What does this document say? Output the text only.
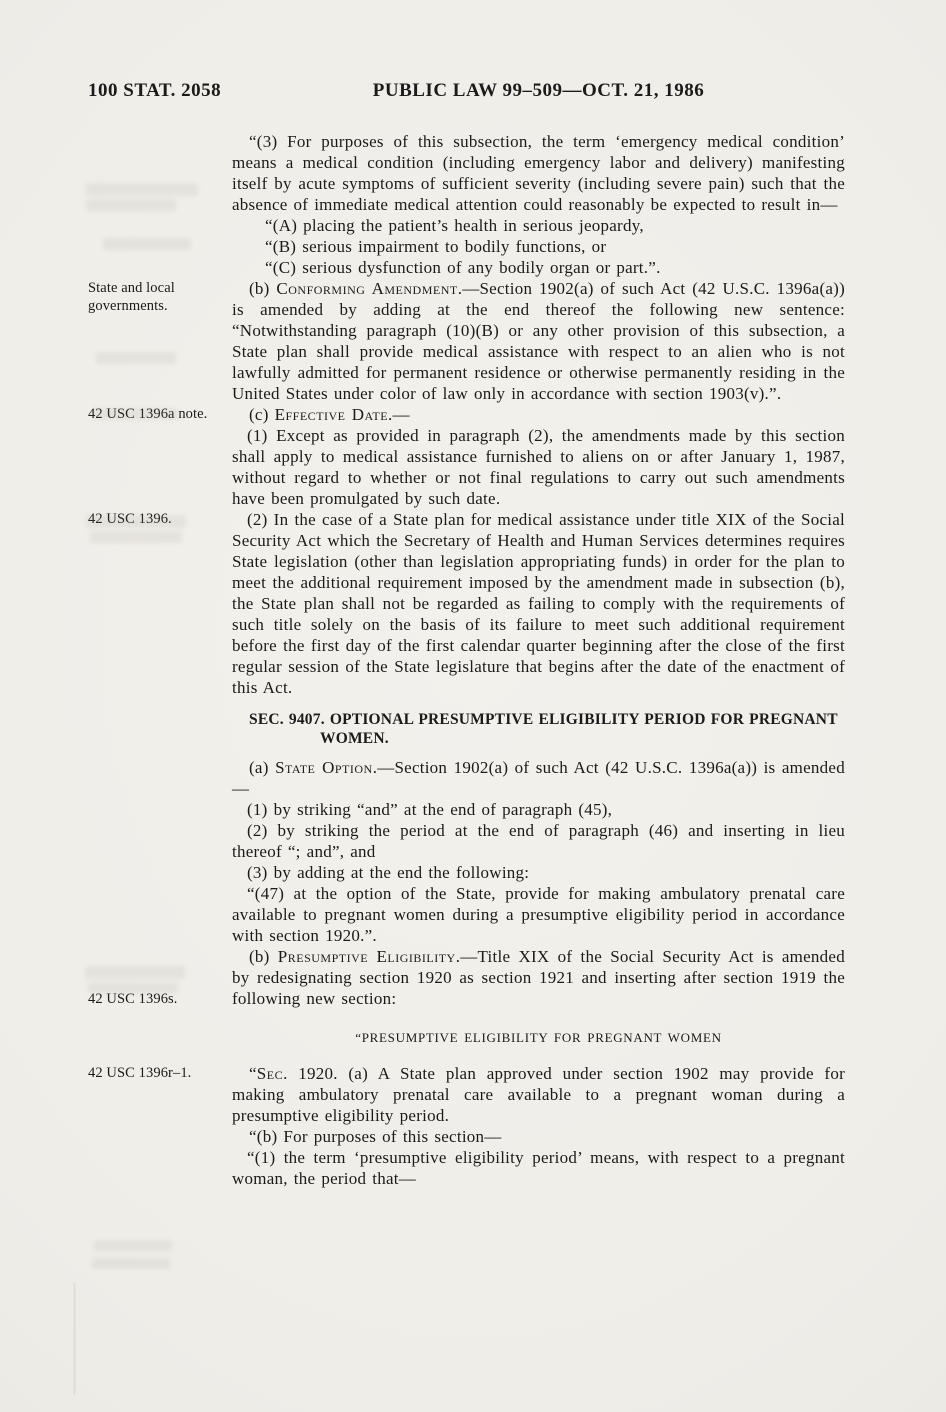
100 STAT. 2058	PUBLIC LAW 99–509—OCT. 21, 1986

“(3) For purposes of this subsection, the term ‘emergency medical condition’ means a medical condition (including emergency labor and delivery) manifesting itself by acute symptoms of sufficient severity (including severe pain) such that the absence of immediate medical attention could reasonably be expected to result in—

“(A) placing the patient’s health in serious jeopardy,

“(B) serious impairment to bodily functions, or

“(C) serious dysfunction of any bodily organ or part.”.

(b) Conforming Amendment.—Section 1902(a) of such Act (42 U.S.C. 1396a(a)) is amended by adding at the end thereof the following new sentence: “Notwithstanding paragraph (10)(B) or any other provision of this subsection, a State plan shall provide medical assistance with respect to an alien who is not lawfully admitted for permanent residence or otherwise permanently residing in the United States under color of law only in accordance with section 1903(v).”.
State and local governments.

(c) Effective Date.—
42 USC 1396a note.

(1) Except as provided in paragraph (2), the amendments made by this section shall apply to medical assistance furnished to aliens on or after January 1, 1987, without regard to whether or not final regulations to carry out such amendments have been promulgated by such date.

(2) In the case of a State plan for medical assistance under title XIX of the Social Security Act which the Secretary of Health and Human Services determines requires State legislation (other than legislation appropriating funds) in order for the plan to meet the additional requirement imposed by the amendment made in subsection (b), the State plan shall not be regarded as failing to comply with the requirements of such title solely on the basis of its failure to meet such additional requirement before the first day of the first calendar quarter beginning after the close of the first regular session of the State legislature that begins after the date of the enactment of this Act.
42 USC 1396.

SEC. 9407. OPTIONAL PRESUMPTIVE ELIGIBILITY PERIOD FOR PREGNANT WOMEN.

(a) State Option.—Section 1902(a) of such Act (42 U.S.C. 1396a(a)) is amended—

(1) by striking “and” at the end of paragraph (45),

(2) by striking the period at the end of paragraph (46) and inserting in lieu thereof “; and”, and

(3) by adding at the end the following:

“(47) at the option of the State, provide for making ambulatory prenatal care available to pregnant women during a presumptive eligibility period in accordance with section 1920.”.

(b) Presumptive Eligibility.—Title XIX of the Social Security Act is amended by redesignating section 1920 as section 1921 and inserting after section 1919 the following new section:
42 USC 1396s.

“PRESUMPTIVE ELIGIBILITY FOR PREGNANT WOMEN

“Sec. 1920. (a) A State plan approved under section 1902 may provide for making ambulatory prenatal care available to a pregnant woman during a presumptive eligibility period.
42 USC 1396r–1.

“(b) For purposes of this section—

“(1) the term ‘presumptive eligibility period’ means, with respect to a pregnant woman, the period that—
